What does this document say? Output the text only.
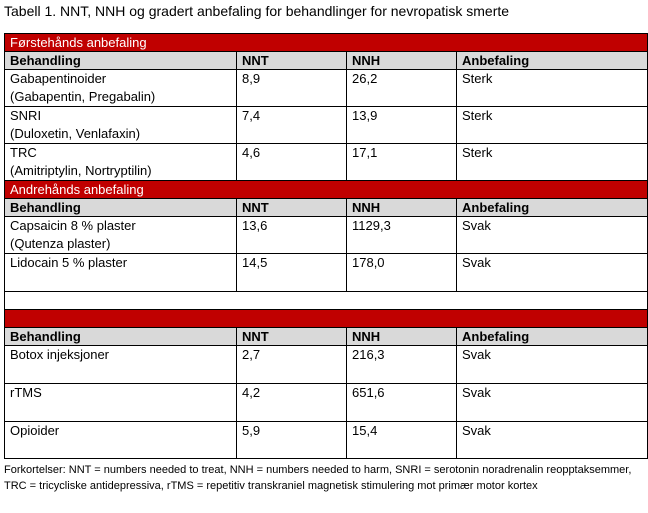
Tabell 1. NNT, NNH og gradert anbefaling for behandlinger for nevropatisk smerte
Førstehånds anbefaling			
Behandling	NNT	NNH	Anbefaling

Gabapentinoider
(Gabapentin, Pregabalin)	8,9	26,2	Sterk

SNRI
(Duloxetin, Venlafaxin)	7,4	13,9	Sterk

TRC
(Amitriptylin, Nortryptilin)	4,6	17,1	Sterk
Andrehånds anbefaling			
Behandling	NNT	NNH	Anbefaling

Capsaicin 8 % plaster
(Qutenza plaster)	13,6	1129,3	Svak

Lidocain 5 % plaster	14,5	178,0	Svak

Behandling	NNT	NNH	Anbefaling

Botox injeksjoner	2,7	216,3	Svak

rTMS	4,2	651,6	Svak

Opioider	5,9	15,4	Svak
Forkortelser: NNT = numbers needed to treat, NNH = numbers needed to harm, SNRI = serotonin noradrenalin reopptaksemmer, TRC = tricycliske antidepressiva, rTMS = repetitiv transkraniel magnetisk stimulering mot primær motor kortex
